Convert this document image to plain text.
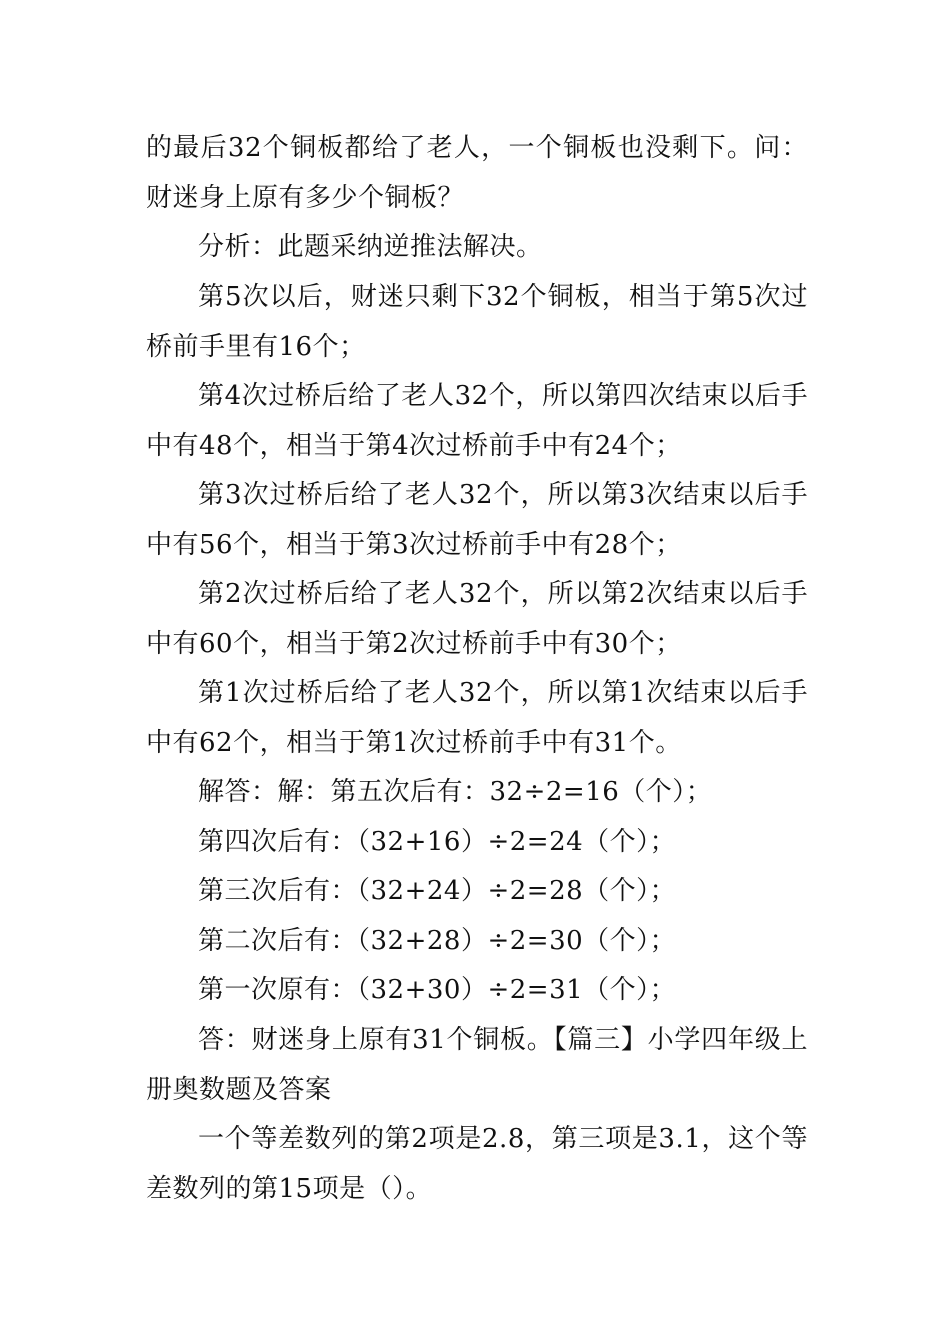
的最后32个铜板都给了老人，一个铜板也没剩下。问：财迷身上原有多少个铜板？

分析：此题采纳逆推法解决。

第5次以后，财迷只剩下32个铜板，相当于第5次过桥前手里有16个；

第4次过桥后给了老人32个，所以第四次结束以后手中有48个，相当于第4次过桥前手中有24个；

第3次过桥后给了老人32个，所以第3次结束以后手中有56个，相当于第3次过桥前手中有28个；

第2次过桥后给了老人32个，所以第2次结束以后手中有60个，相当于第2次过桥前手中有30个；

第1次过桥后给了老人32个，所以第1次结束以后手中有62个，相当于第1次过桥前手中有31个。

解答：解：第五次后有：32÷2=16（个）；

第四次后有：（32+16）÷2=24（个）；

第三次后有：（32+24）÷2=28（个）；

第二次后有：（32+28）÷2=30（个）；

第一次原有：（32+30）÷2=31（个）；

答：财迷身上原有31个铜板。【篇三】小学四年级上册奥数题及答案

一个等差数列的第2项是2.8，第三项是3.1，这个等差数列的第15项是（）。
